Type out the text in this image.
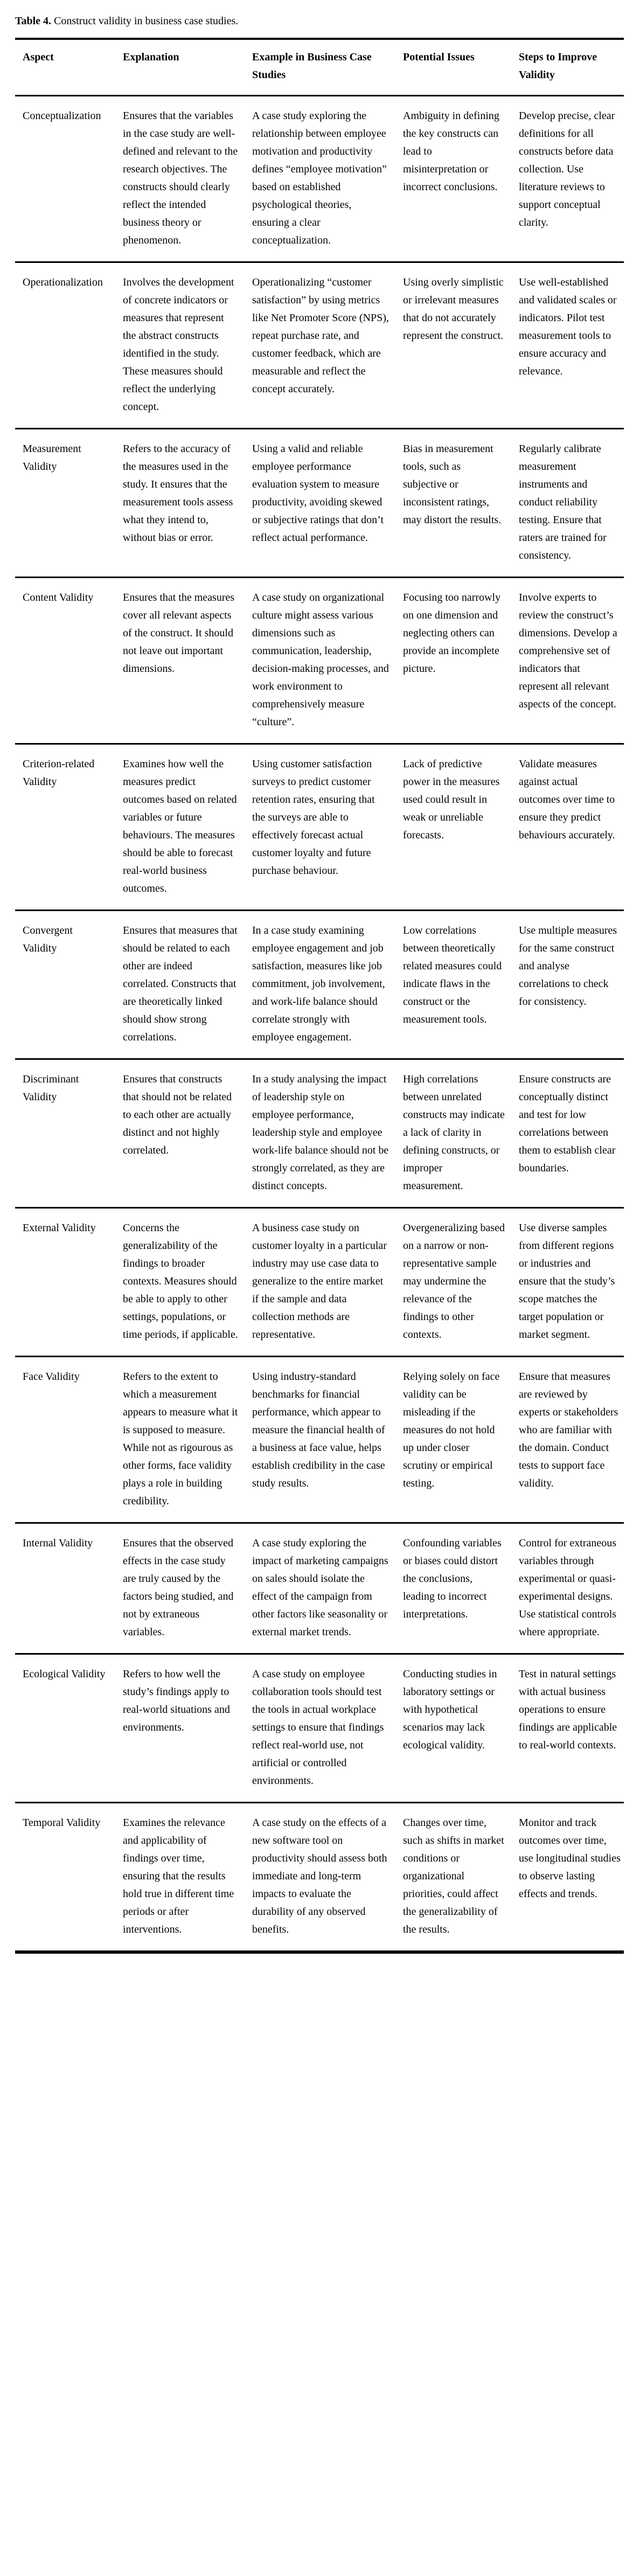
Table 4. Construct validity in business case studies.

Aspect	Explanation	Example in Business Case Studies	Potential Issues	Steps to Improve Validity
Conceptualization	Ensures that the variables in the case study are well-defined and relevant to the research objectives. The constructs should clearly reflect the intended business theory or phenomenon.	A case study exploring the relationship between employee motivation and productivity defines “employee motivation” based on established psychological theories, ensuring a clear conceptualization.	Ambiguity in defining the key constructs can lead to misinterpretation or incorrect conclusions.	Develop precise, clear definitions for all constructs before data collection. Use literature reviews to support conceptual clarity.
Operationalization	Involves the development of concrete indicators or measures that represent the abstract constructs identified in the study. These measures should reflect the underlying concept.	Operationalizing “customer satisfaction” by using metrics like Net Promoter Score (NPS), repeat purchase rate, and customer feedback, which are measurable and reflect the concept accurately.	Using overly simplistic or irrelevant measures that do not accurately represent the construct.	Use well-established and validated scales or indicators. Pilot test measurement tools to ensure accuracy and relevance.
Measurement Validity	Refers to the accuracy of the measures used in the study. It ensures that the measurement tools assess what they intend to, without bias or error.	Using a valid and reliable employee performance evaluation system to measure productivity, avoiding skewed or subjective ratings that don’t reflect actual performance.	Bias in measurement tools, such as subjective or inconsistent ratings, may distort the results.	Regularly calibrate measurement instruments and conduct reliability testing. Ensure that raters are trained for consistency.
Content Validity	Ensures that the measures cover all relevant aspects of the construct. It should not leave out important dimensions.	A case study on organizational culture might assess various dimensions such as communication, leadership, decision-making processes, and work environment to comprehensively measure “culture”.	Focusing too narrowly on one dimension and neglecting others can provide an incomplete picture.	Involve experts to review the construct’s dimensions. Develop a comprehensive set of indicators that represent all relevant aspects of the concept.
Criterion-related Validity	Examines how well the measures predict outcomes based on related variables or future behaviours. The measures should be able to forecast real-world business outcomes.	Using customer satisfaction surveys to predict customer retention rates, ensuring that the surveys are able to effectively forecast actual customer loyalty and future purchase behaviour.	Lack of predictive power in the measures used could result in weak or unreliable forecasts.	Validate measures against actual outcomes over time to ensure they predict behaviours accurately.
Convergent Validity	Ensures that measures that should be related to each other are indeed correlated. Constructs that are theoretically linked should show strong correlations.	In a case study examining employee engagement and job satisfaction, measures like job commitment, job involvement, and work-life balance should correlate strongly with employee engagement.	Low correlations between theoretically related measures could indicate flaws in the construct or the measurement tools.	Use multiple measures for the same construct and analyse correlations to check for consistency.
Discriminant Validity	Ensures that constructs that should not be related to each other are actually distinct and not highly correlated.	In a study analysing the impact of leadership style on employee performance, leadership style and employee work-life balance should not be strongly correlated, as they are distinct concepts.	High correlations between unrelated constructs may indicate a lack of clarity in defining constructs, or improper measurement.	Ensure constructs are conceptually distinct and test for low correlations between them to establish clear boundaries.
External Validity	Concerns the generalizability of the findings to broader contexts. Measures should be able to apply to other settings, populations, or time periods, if applicable.	A business case study on customer loyalty in a particular industry may use case data to generalize to the entire market if the sample and data collection methods are representative.	Overgeneralizing based on a narrow or non-representative sample may undermine the relevance of the findings to other contexts.	Use diverse samples from different regions or industries and ensure that the study’s scope matches the target population or market segment.
Face Validity	Refers to the extent to which a measurement appears to measure what it is supposed to measure. While not as rigourous as other forms, face validity plays a role in building credibility.	Using industry-standard benchmarks for financial performance, which appear to measure the financial health of a business at face value, helps establish credibility in the case study results.	Relying solely on face validity can be misleading if the measures do not hold up under closer scrutiny or empirical testing.	Ensure that measures are reviewed by experts or stakeholders who are familiar with the domain. Conduct tests to support face validity.
Internal Validity	Ensures that the observed effects in the case study are truly caused by the factors being studied, and not by extraneous variables.	A case study exploring the impact of marketing campaigns on sales should isolate the effect of the campaign from other factors like seasonality or external market trends.	Confounding variables or biases could distort the conclusions, leading to incorrect interpretations.	Control for extraneous variables through experimental or quasi-experimental designs. Use statistical controls where appropriate.
Ecological Validity	Refers to how well the study’s findings apply to real-world situations and environments.	A case study on employee collaboration tools should test the tools in actual workplace settings to ensure that findings reflect real-world use, not artificial or controlled environments.	Conducting studies in laboratory settings or with hypothetical scenarios may lack ecological validity.	Test in natural settings with actual business operations to ensure findings are applicable to real-world contexts.
Temporal Validity	Examines the relevance and applicability of findings over time, ensuring that the results hold true in different time periods or after interventions.	A case study on the effects of a new software tool on productivity should assess both immediate and long-term impacts to evaluate the durability of any observed benefits.	Changes over time, such as shifts in market conditions or organizational priorities, could affect the generalizability of the results.	Monitor and track outcomes over time, use longitudinal studies to observe lasting effects and trends.
